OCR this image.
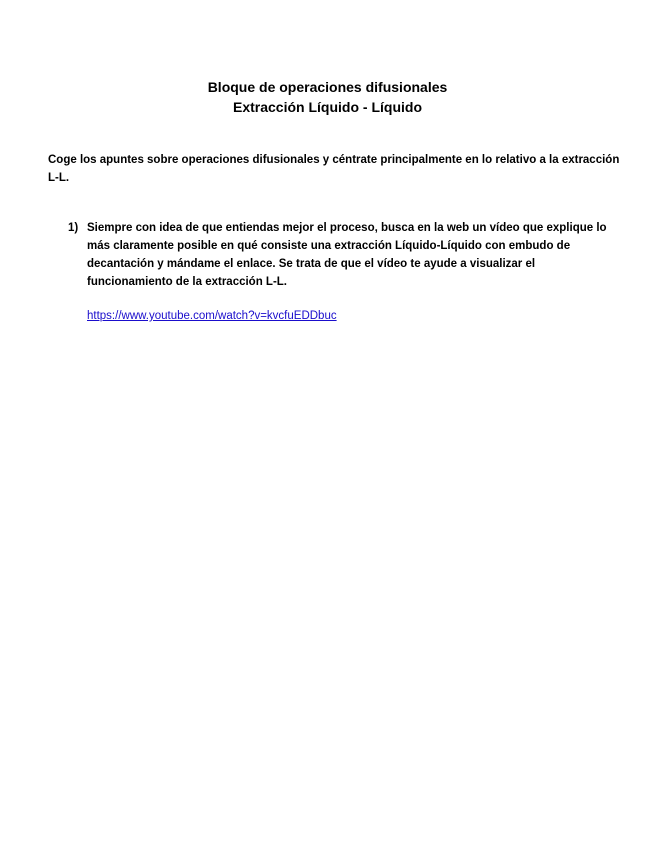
Bloque de operaciones difusionales
Extracción Líquido - Líquido

Coge los apuntes sobre operaciones difusionales y céntrate principalmente en lo relativo a la extracción L-L.

1) Siempre con idea de que entiendas mejor el proceso, busca en la web un vídeo que explique lo más claramente posible en qué consiste una extracción Líquido-Líquido con embudo de decantación y mándame el enlace. Se trata de que el vídeo te ayude a visualizar el funcionamiento de la extracción L-L.

https://www.youtube.com/watch?v=kvcfuEDDbuc
